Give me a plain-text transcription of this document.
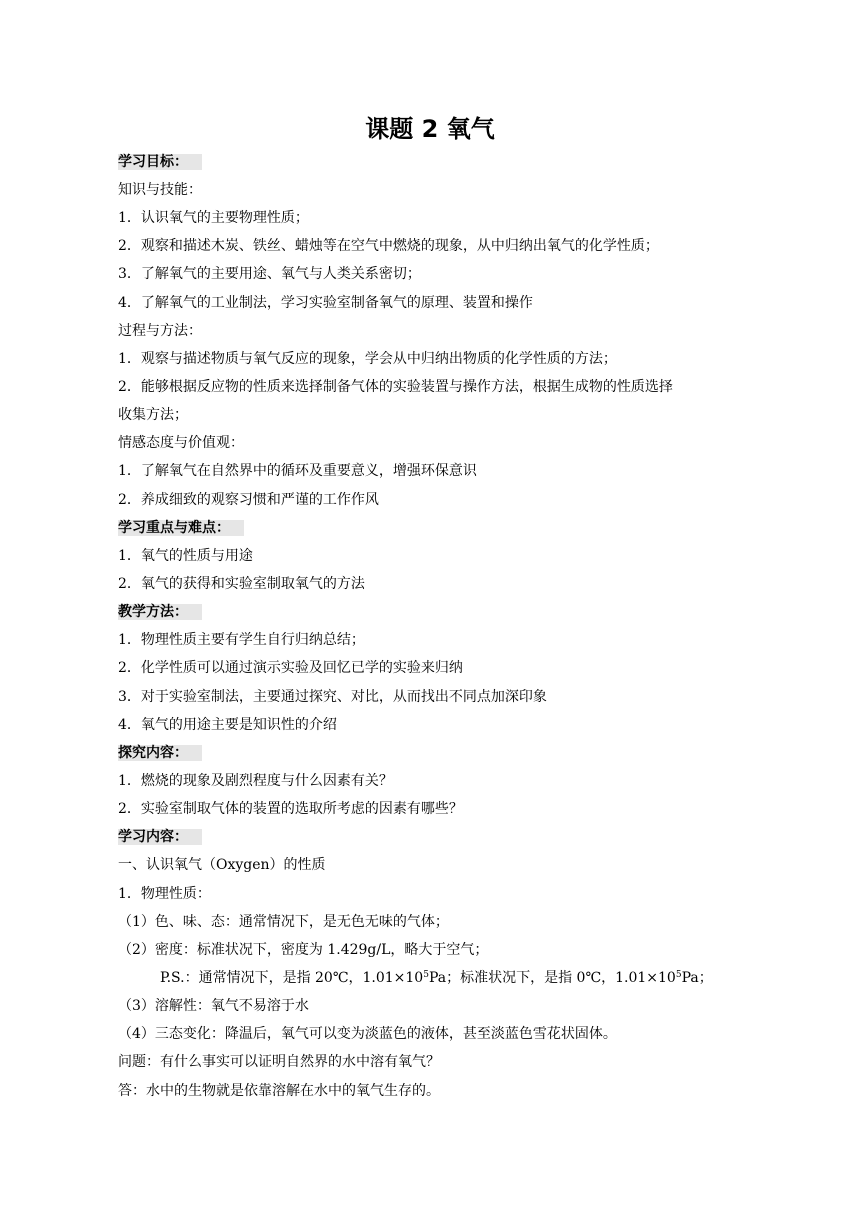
课题 2 氧气
学习目标：
知识与技能：
1．认识氧气的主要物理性质；
2．观察和描述木炭、铁丝、蜡烛等在空气中燃烧的现象，从中归纳出氧气的化学性质；
3．了解氧气的主要用途、氧气与人类关系密切；
4．了解氧气的工业制法，学习实验室制备氧气的原理、装置和操作
过程与方法：
1．观察与描述物质与氧气反应的现象，学会从中归纳出物质的化学性质的方法；
2．能够根据反应物的性质来选择制备气体的实验装置与操作方法，根据生成物的性质选择
收集方法；
情感态度与价值观：
1．了解氧气在自然界中的循环及重要意义，增强环保意识
2．养成细致的观察习惯和严谨的工作作风
学习重点与难点：
1．氧气的性质与用途
2．氧气的获得和实验室制取氧气的方法
教学方法：
1．物理性质主要有学生自行归纳总结；
2．化学性质可以通过演示实验及回忆已学的实验来归纳
3．对于实验室制法，主要通过探究、对比，从而找出不同点加深印象
4．氧气的用途主要是知识性的介绍
探究内容：
1．燃烧的现象及剧烈程度与什么因素有关？
2．实验室制取气体的装置的选取所考虑的因素有哪些？
学习内容：
一、认识氧气（Oxygen）的性质
1．物理性质：
（1）色、味、态：通常情况下，是无色无味的气体；
（2）密度：标准状况下，密度为 1.429g/L，略大于空气；
P.S.：通常情况下，是指 20℃，$1.01\times 10^5Pa$；标准状况下，是指 0℃，$1.01\times 10^5Pa$；
（3）溶解性：氧气不易溶于水
（4）三态变化：降温后，氧气可以变为淡蓝色的液体，甚至淡蓝色雪花状固体。
问题：有什么事实可以证明自然界的水中溶有氧气？
答：水中的生物就是依靠溶解在水中的氧气生存的。
